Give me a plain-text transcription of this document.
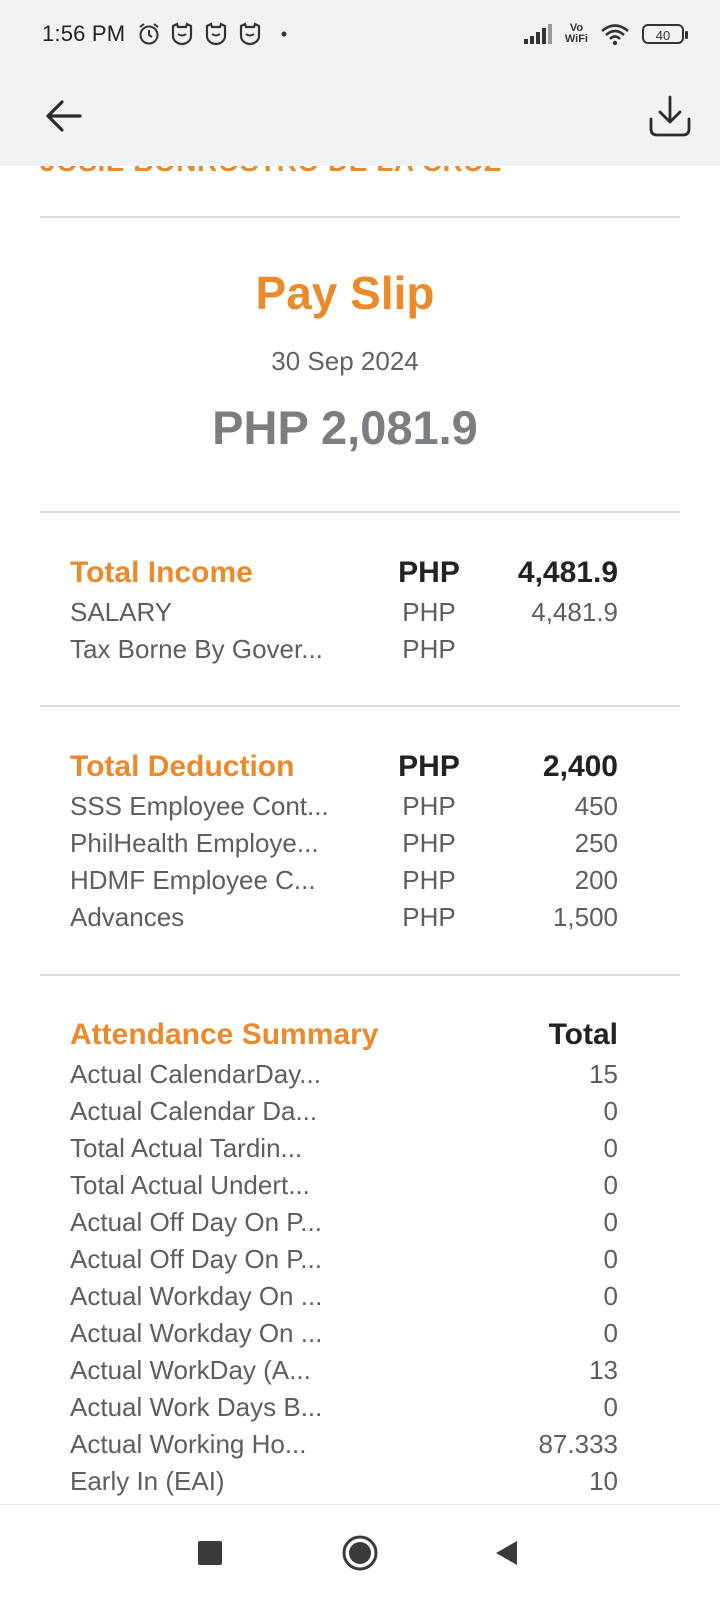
1:56 PM	Vo
WiFi	40
Pay Slip
30 Sep 2024
PHP 2,081.9
Total Income	PHP	4,481.9
SALARY	PHP	4,481.9
Tax Borne By Gover...	PHP
Total Deduction	PHP	2,400
SSS Employee Cont...	PHP	450
PhilHealth Employe...	PHP	250
HDMF Employee C...	PHP	200
Advances	PHP	1,500
Attendance Summary	Total
Actual CalendarDay...	15
Actual Calendar Da...	0
Total Actual Tardin...	0
Total Actual Undert...	0
Actual Off Day On P...	0
Actual Off Day On P...	0
Actual Workday On ...	0
Actual Workday On ...	0
Actual WorkDay (A...	13
Actual Work Days B...	0
Actual Working Ho...	87.333
Early In (EAI)	10
